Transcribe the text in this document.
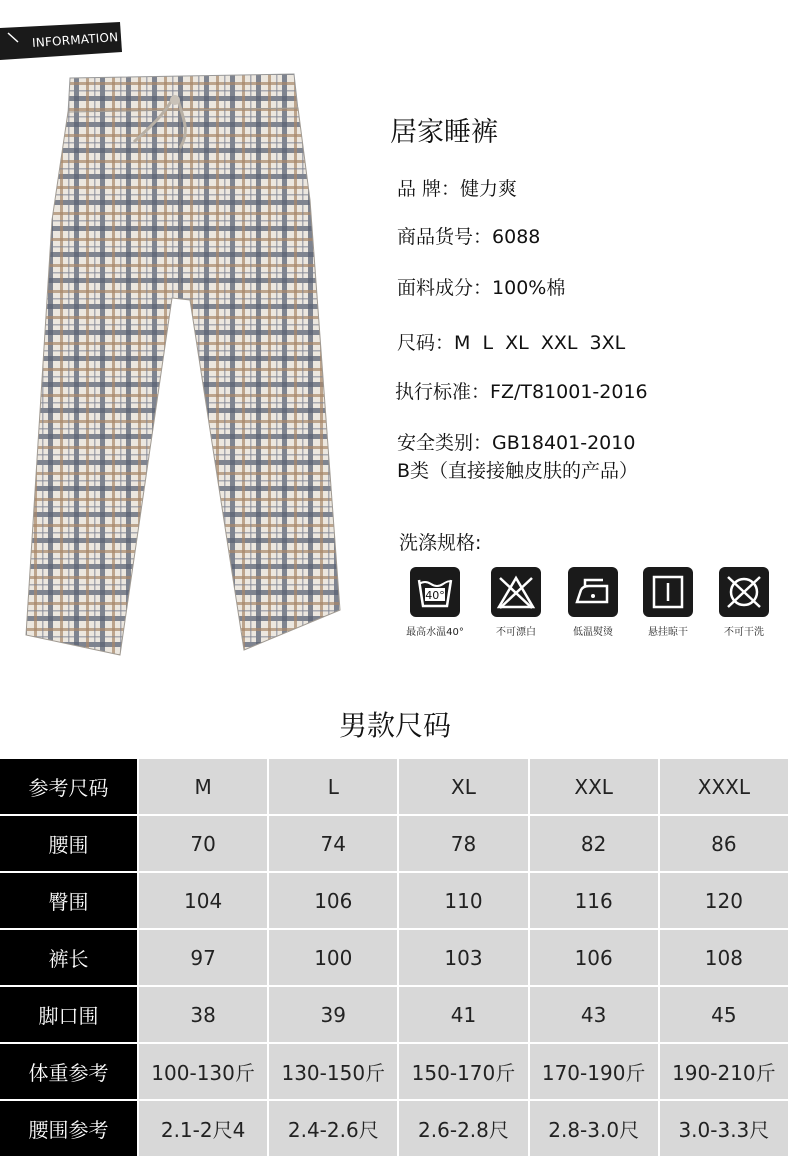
INFORMATION
居家睡裤
品 牌：健力爽
商品货号：6088
面料成分：100%棉
尺码：M  L  XL  XXL  3XL
执行标准：FZ/T81001-2016
安全类别：GB18401-2010
B类（直接接触皮肤的产品）
洗涤规格:
40°
最高水温40°	不可漂白	低温熨烫	悬挂晾干	不可干洗
男款尺码
参考尺码	M	L	XL	XXL	XXXL
腰围	70	74	78	82	86
臀围	104	106	110	116	120
裤长	97	100	103	106	108
脚口围	38	39	41	43	45
体重参考	100-130斤	130-150斤	150-170斤	170-190斤	190-210斤
腰围参考	2.1-2尺4	2.4-2.6尺	2.6-2.8尺	2.8-3.0尺	3.0-3.3尺
